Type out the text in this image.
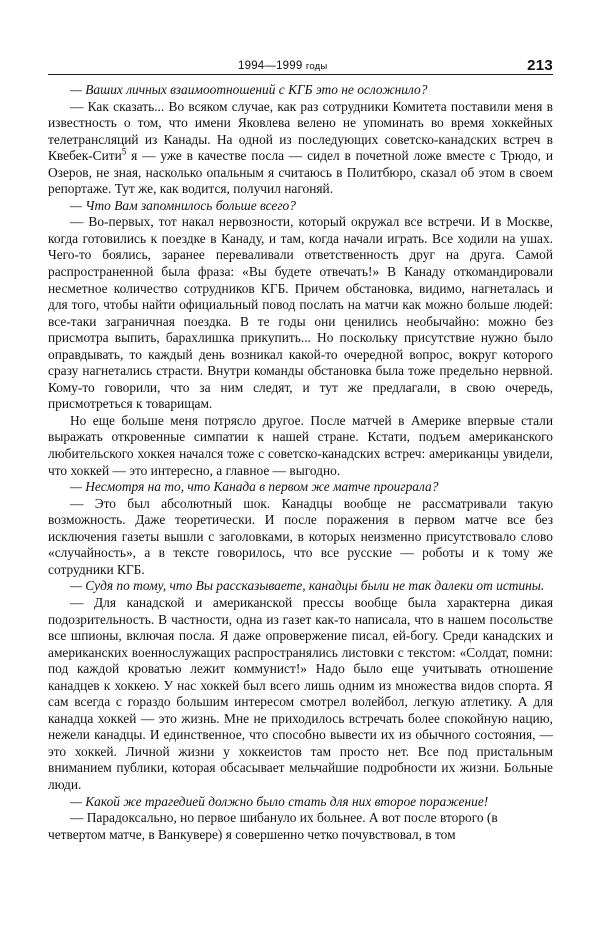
1994—1999 годы	213

— Ваших личных взаимоотношений с КГБ это не осложнило?

— Как сказать... Во всяком случае, как раз сотрудники Комитета поставили меня в известность о том, что имени Яковлева велено не упоминать во время хоккейных телетрансляций из Канады. На одной из последующих советско-канадских встреч в Квебек-Сити$^5$ я — уже в качестве посла — сидел в почетной ложе вместе с Трюдо, и Озеров, не зная, насколько опальным я считаюсь в Политбюро, сказал об этом в своем репортаже. Тут же, как водится, получил нагоняй.

— Что Вам запомнилось больше всего?

— Во-первых, тот накал нервозности, который окружал все встречи. И в Москве, когда готовились к поездке в Канаду, и там, когда начали играть. Все ходили на ушах. Чего-то боялись, заранее переваливали ответственность друг на друга. Самой распространенной была фраза: «Вы будете отвечать!» В Канаду откомандировали несметное количество сотрудников КГБ. Причем обстановка, видимо, нагнеталась и для того, чтобы найти официальный повод послать на матчи как можно больше людей: все-таки заграничная поездка. В те годы они ценились необычайно: можно без присмотра выпить, барахлишка прикупить... Но поскольку присутствие нужно было оправдывать, то каждый день возникал какой-то очередной вопрос, вокруг которого сразу нагнетались страсти. Внутри команды обстановка была тоже предельно нервной. Кому-то говорили, что за ним следят, и тут же предлагали, в свою очередь, присмотреться к товарищам.

Но еще больше меня потрясло другое. После матчей в Америке впервые стали выражать откровенные симпатии к нашей стране. Кстати, подъем американского любительского хоккея начался тоже с советско-канадских встреч: американцы увидели, что хоккей — это интересно, а главное — выгодно.

— Несмотря на то, что Канада в первом же матче проиграла?

— Это был абсолютный шок. Канадцы вообще не рассматривали такую возможность. Даже теоретически. И после поражения в первом матче все без исключения газеты вышли с заголовками, в которых неизменно присутствовало слово «случайность», а в тексте говорилось, что все русские — роботы и к тому же сотрудники КГБ.

— Судя по тому, что Вы рассказываете, канадцы были не так далеки от истины.

— Для канадской и американской прессы вообще была характерна дикая подозрительность. В частности, одна из газет как-то написала, что в нашем посольстве все шпионы, включая посла. Я даже опровержение писал, ей-богу. Среди канадских и американских военнослужащих распространялись листовки с текстом: «Солдат, помни: под каждой кроватью лежит коммунист!» Надо было еще учитывать отношение канадцев к хоккею. У нас хоккей был всего лишь одним из множества видов спорта. Я сам всегда с гораздо большим интересом смотрел волейбол, легкую атлетику. А для канадца хоккей — это жизнь. Мне не приходилось встречать более спокойную нацию, нежели канадцы. И единственное, что способно вывести их из обычного состояния, — это хоккей. Личной жизни у хоккеистов там просто нет. Все под пристальным вниманием публики, которая обсасывает мельчайшие подробности их жизни. Больные люди.

— Какой же трагедией должно было стать для них второе поражение!

— Парадоксально, но первое шибануло их больнее. А вот после второго (в четвертом матче, в Ванкувере) я совершенно четко почувствовал, в том
